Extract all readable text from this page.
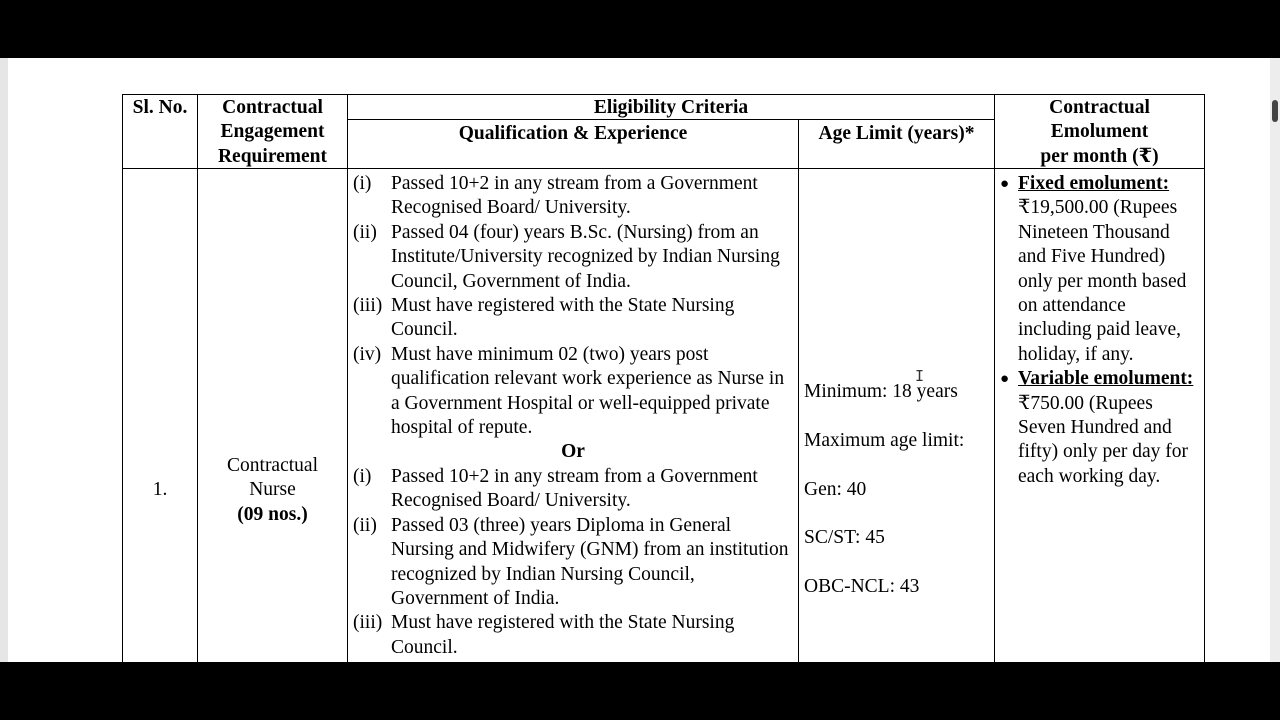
Sl. No.	Contractual
Engagement
Requirement
Eligibility Criteria
Qualification & Experience	Age Limit (years)*
Contractual
Emolument
per month (₹)
1.
Contractual
Nurse
(09 nos.)
(i) Passed 10+2 in any stream from a Government Recognised Board/ University.
(ii) Passed 04 (four) years B.Sc. (Nursing) from an Institute/University recognized by Indian Nursing Council, Government of India.
(iii) Must have registered with the State Nursing Council.
(iv) Must have minimum 02 (two) years post qualification relevant work experience as Nurse in a Government Hospital or well-equipped private hospital of repute.
Or
(i) Passed 10+2 in any stream from a Government Recognised Board/ University.
(ii) Passed 03 (three) years Diploma in General Nursing and Midwifery (GNM) from an institution recognized by Indian Nursing Council, Government of India.
(iii) Must have registered with the State Nursing Council.
Minimum: 18 years
Maximum age limit:
Gen: 40
SC/ST: 45
OBC-NCL: 43
● Fixed emolument: ₹19,500.00 (Rupees Nineteen Thousand and Five Hundred) only per month based on attendance including paid leave, holiday, if any.
● Variable emolument: ₹750.00 (Rupees Seven Hundred and fifty) only per day for each working day.
I
